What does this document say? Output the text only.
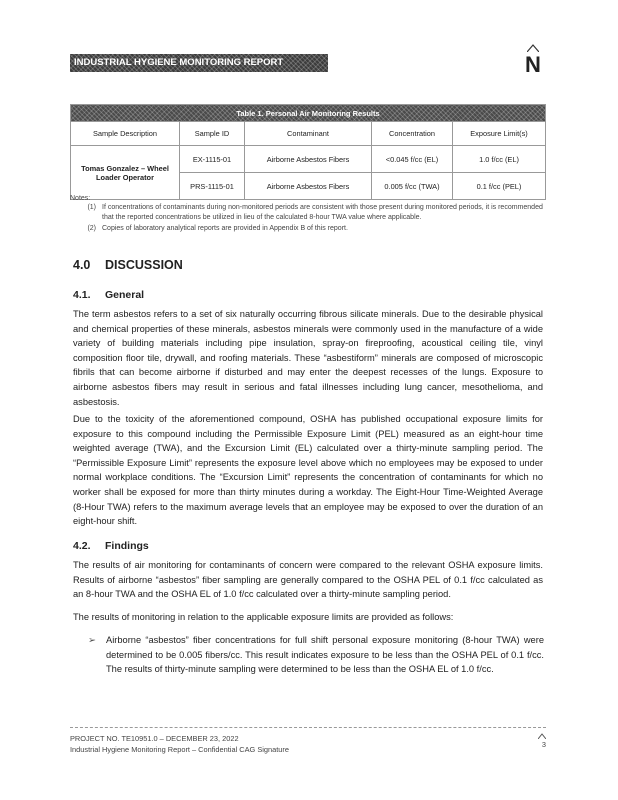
INDUSTRIAL HYGIENE MONITORING REPORT	N
Table 1. Personal Air Monitoring Results				
Sample Description	Sample ID	Contaminant	Concentration	Exposure Limit(s)
Tomas Gonzalez – Wheel Loader Operator	EX-1115-01	Airborne Asbestos Fibers	<0.045 f/cc (EL)	1.0 f/cc (EL)
	PRS-1115-01	Airborne Asbestos Fibers	0.005 f/cc (TWA)	0.1 f/cc (PEL)
Notes:
(1) If concentrations of contaminants during non-monitored periods are consistent with those present during monitored periods, it is recommended that the reported concentrations be utilized in lieu of the calculated 8-hour TWA value where applicable.
(2) Copies of laboratory analytical reports are provided in Appendix B of this report.
4.0 DISCUSSION
4.1. General
The term asbestos refers to a set of six naturally occurring fibrous silicate minerals. Due to the desirable physical and chemical properties of these minerals, asbestos minerals were commonly used in the manufacture of a wide variety of building materials including pipe insulation, spray-on fireproofing, acoustical ceiling tile, vinyl composition floor tile, drywall, and roofing materials. These “asbestiform” minerals are composed of microscopic fibrils that can become airborne if disturbed and may enter the deepest recesses of the lungs. Exposure to airborne asbestos fibers may result in serious and fatal illnesses including lung cancer, mesothelioma, and asbestosis.
Due to the toxicity of the aforementioned compound, OSHA has published occupational exposure limits for exposure to this compound including the Permissible Exposure Limit (PEL) measured as an eight-hour time weighted average (TWA), and the Excursion Limit (EL) calculated over a thirty-minute sampling period. The “Permissible Exposure Limit” represents the exposure level above which no employees may be exposed to under normal workplace conditions. The “Excursion Limit” represents the concentration of contaminants for which no worker shall be exposed for more than thirty minutes during a workday. The Eight-Hour Time-Weighted Average (8-Hour TWA) refers to the maximum average levels that an employee may be exposed to over the duration of an eight-hour shift.
4.2. Findings
The results of air monitoring for contaminants of concern were compared to the relevant OSHA exposure limits. Results of airborne “asbestos” fiber sampling are generally compared to the OSHA PEL of 0.1 f/cc calculated as an 8-hour TWA and the OSHA EL of 1.0 f/cc calculated over a thirty-minute sampling period.
The results of monitoring in relation to the applicable exposure limits are provided as follows:
➢	Airborne “asbestos” fiber concentrations for full shift personal exposure monitoring (8-hour TWA) were determined to be 0.005 fibers/cc. This result indicates exposure to be less than the OSHA PEL of 0.1 f/cc. The results of thirty-minute sampling were determined to be less than the OSHA EL of 1.0 f/cc.
PROJECT NO. TE10951.0 – DECEMBER 23, 2022
Industrial Hygiene Monitoring Report – Confidential CAG Signature
3
